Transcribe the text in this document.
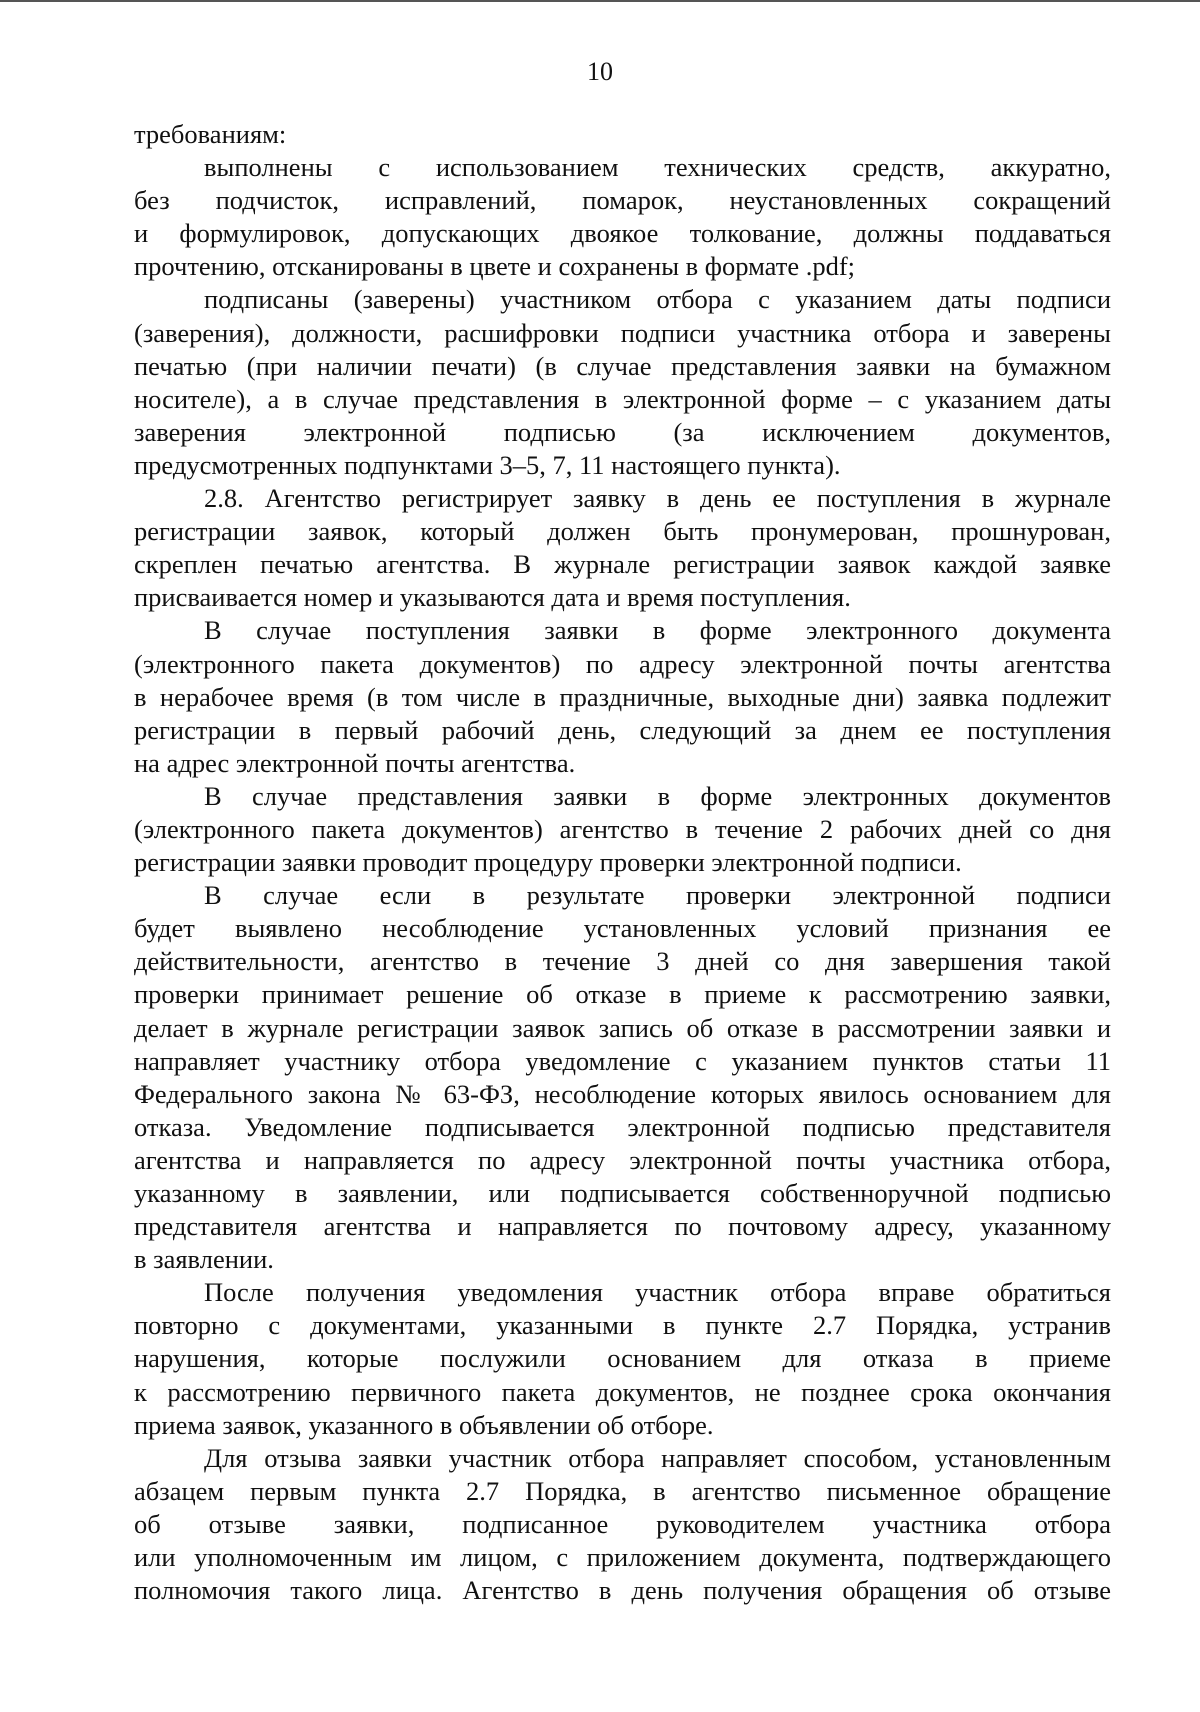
10
требованиям:
выполнены с использованием технических средств, аккуратно,
без подчисток, исправлений, помарок, неустановленных сокращений
и формулировок, допускающих двоякое толкование, должны поддаваться
прочтению, отсканированы в цвете и сохранены в формате .pdf;
подписаны (заверены) участником отбора с указанием даты подписи
(заверения), должности, расшифровки подписи участника отбора и заверены
печатью (при наличии печати) (в случае представления заявки на бумажном
носителе), а в случае представления в электронной форме – с указанием даты
заверения электронной подписью (за исключением документов,
предусмотренных подпунктами 3–5, 7, 11 настоящего пункта).
2.8. Агентство регистрирует заявку в день ее поступления в журнале
регистрации заявок, который должен быть пронумерован, прошнурован,
скреплен печатью агентства. В журнале регистрации заявок каждой заявке
присваивается номер и указываются дата и время поступления.
В случае поступления заявки в форме электронного документа
(электронного пакета документов) по адресу электронной почты агентства
в нерабочее время (в том числе в праздничные, выходные дни) заявка подлежит
регистрации в первый рабочий день, следующий за днем ее поступления
на адрес электронной почты агентства.
В случае представления заявки в форме электронных документов
(электронного пакета документов) агентство в течение 2 рабочих дней со дня
регистрации заявки проводит процедуру проверки электронной подписи.
В случае если в результате проверки электронной подписи
будет выявлено несоблюдение установленных условий признания ее
действительности, агентство в течение 3 дней со дня завершения такой
проверки принимает решение об отказе в приеме к рассмотрению заявки,
делает в журнале регистрации заявок запись об отказе в рассмотрении заявки и
направляет участнику отбора уведомление с указанием пунктов статьи 11
Федерального закона № 63-ФЗ, несоблюдение которых явилось основанием для
отказа. Уведомление подписывается электронной подписью представителя
агентства и направляется по адресу электронной почты участника отбора,
указанному в заявлении, или подписывается собственноручной подписью
представителя агентства и направляется по почтовому адресу, указанному
в заявлении.
После получения уведомления участник отбора вправе обратиться
повторно с документами, указанными в пункте 2.7 Порядка, устранив
нарушения, которые послужили основанием для отказа в приеме
к рассмотрению первичного пакета документов, не позднее срока окончания
приема заявок, указанного в объявлении об отборе.
Для отзыва заявки участник отбора направляет способом, установленным
абзацем первым пункта 2.7 Порядка, в агентство письменное обращение
об отзыве заявки, подписанное руководителем участника отбора
или уполномоченным им лицом, с приложением документа, подтверждающего
полномочия такого лица. Агентство в день получения обращения об отзыве
